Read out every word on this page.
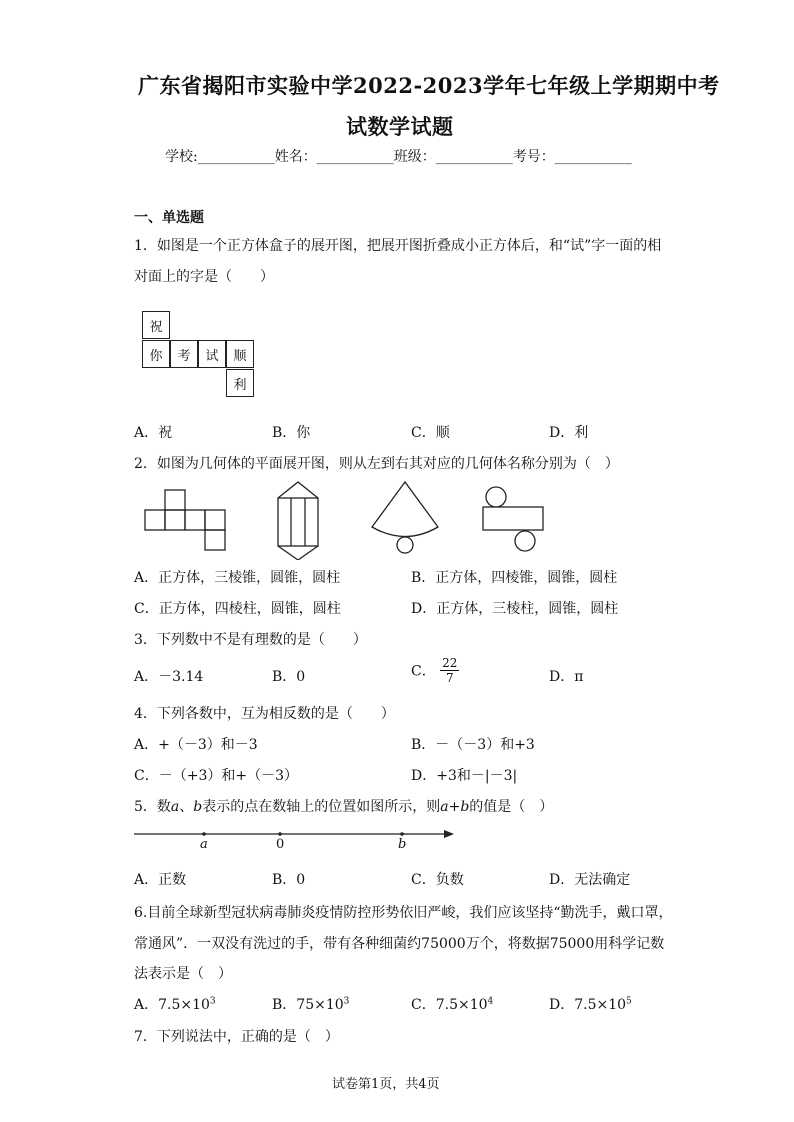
广东省揭阳市实验中学2022-2023学年七年级上学期期中考
试数学试题
学校:___________姓名：___________班级：___________考号：___________
一、单选题
1．如图是一个正方体盒子的展开图，把展开图折叠成小正方体后，和“试”字一面的相
对面上的字是（　　）
祝
你	考	试	顺
利
A．祝	B．你	C．顺	D．利
2．如图为几何体的平面展开图，则从左到右其对应的几何体名称分别为（　）
A．正方体，三棱锥，圆锥，圆柱	B．正方体，四棱锥，圆锥，圆柱
C．正方体，四棱柱，圆锥，圆柱	D．正方体，三棱柱，圆锥，圆柱
3．下列数中不是有理数的是（　　）
A．－3.14	B．0	C． $\frac{22}{7}$	D．π
4．下列各数中，互为相反数的是（　　）
A．+（－3）和－3	B．－（－3）和+3
C．－（+3）和+（－3）	D．+3和－|－3|
5．数a、b表示的点在数轴上的位置如图所示，则a+b的值是（　）
a	0	b
A．正数	B．0	C．负数	D．无法确定
6.目前全球新型冠状病毒肺炎疫情防控形势依旧严峻，我们应该坚持“勤洗手，戴口罩，
常通风”．一双没有洗过的手，带有各种细菌约75000万个，将数据75000用科学记数
法表示是（　）
A．$7.5\times 10^3$	B．$75\times 10^3$	C．$7.5\times 10^4$	D．$7.5\times 10^5$
7．下列说法中，正确的是（　）
试卷第1页，共4页
